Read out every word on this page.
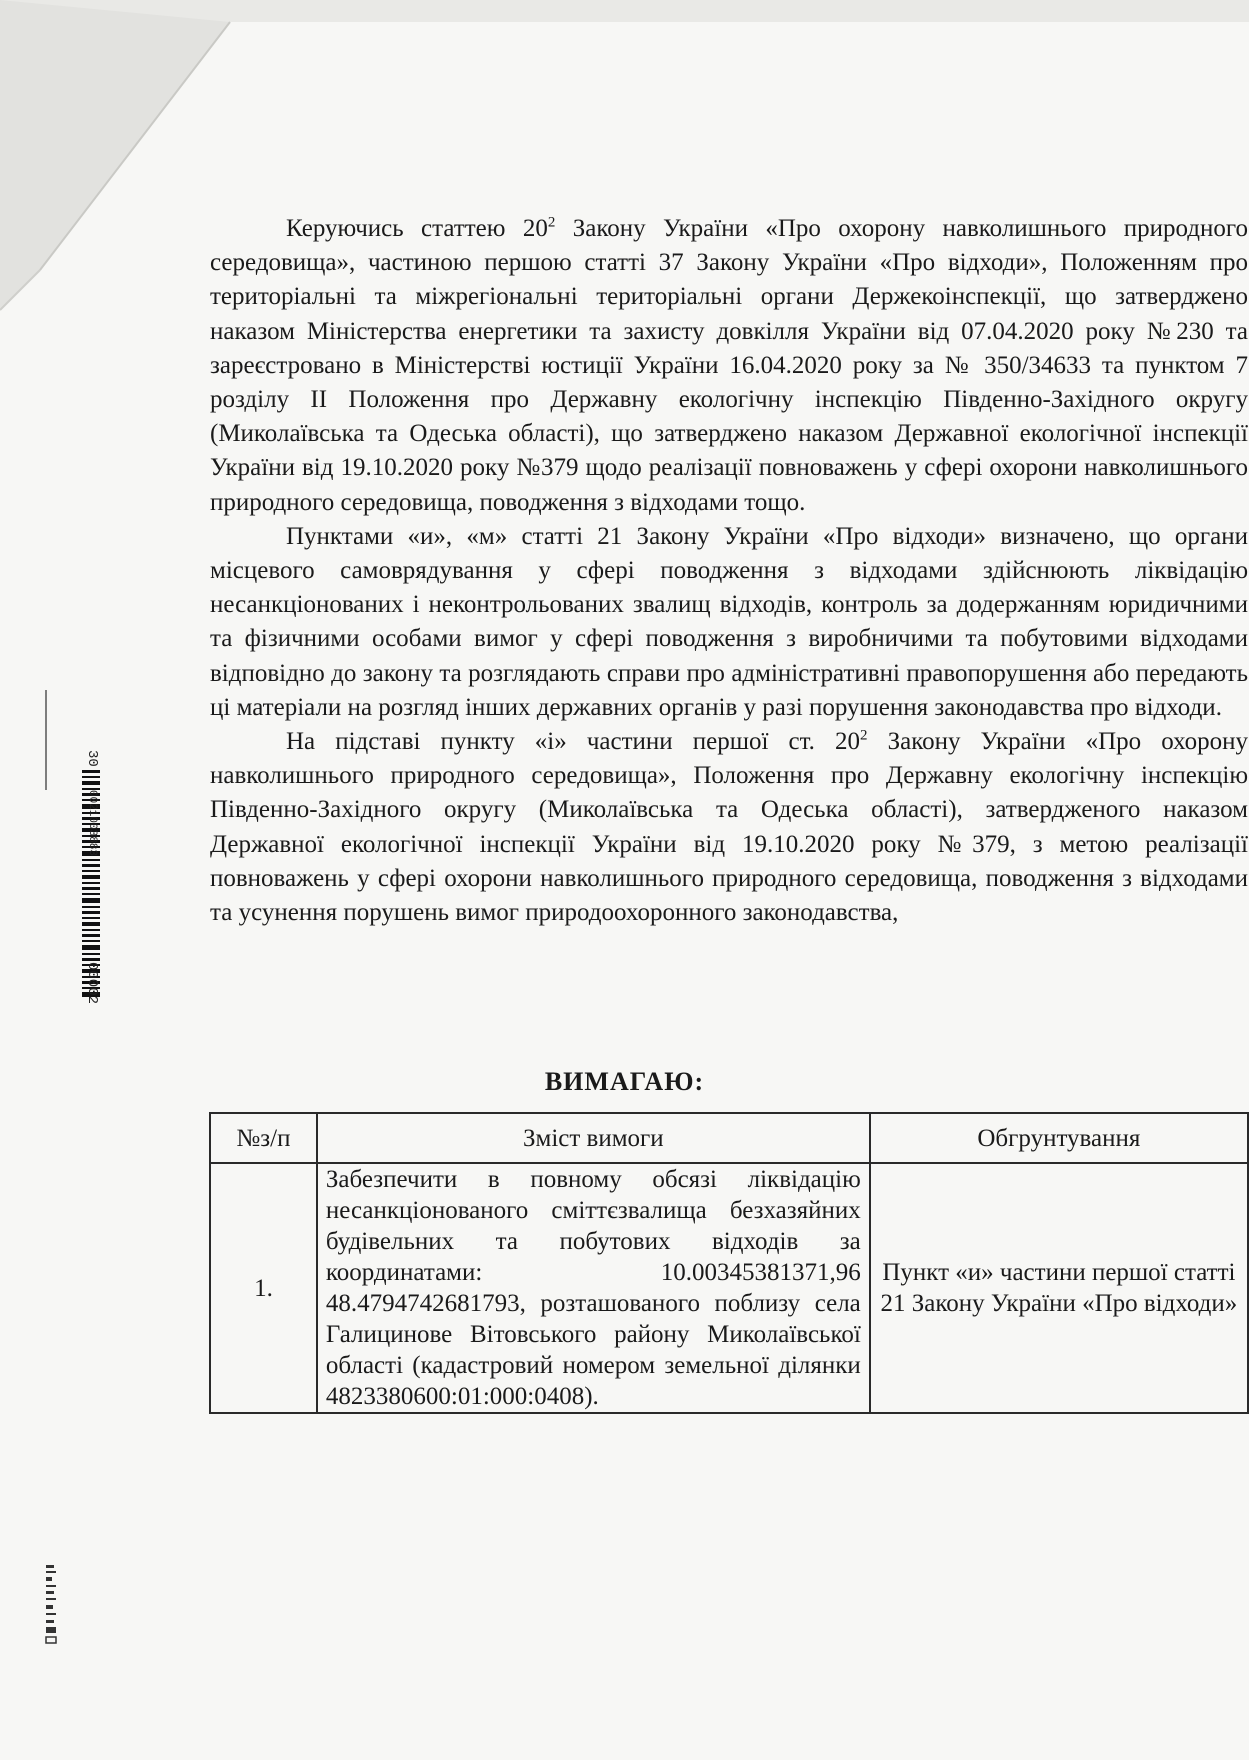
30
0021003883
00002

Керуючись статтею $20^2$ Закону України «Про охорону навколишнього природного середовища», частиною першою статті 37 Закону України «Про відходи», Положенням про територіальні та міжрегіональні територіальні органи Держекоінспекції, що затверджено наказом Міністерства енергетики та захисту довкілля України від 07.04.2020 року №230 та зареєстровано в Міністерстві юстиції України 16.04.2020 року за № 350/34633 та пунктом 7 розділу II Положення про Державну екологічну інспекцію Південно-Західного округу (Миколаївська та Одеська області), що затверджено наказом Державної екологічної інспекції України від 19.10.2020 року №379 щодо реалізації повноважень у сфері охорони навколишнього природного середовища, поводження з відходами тощо.

Пунктами «и», «м» статті 21 Закону України «Про відходи» визначено, що органи місцевого самоврядування у сфері поводження з відходами здійснюють ліквідацію несанкціонованих і неконтрольованих звалищ відходів, контроль за додержанням юридичними та фізичними особами вимог у сфері поводження з виробничими та побутовими відходами відповідно до закону та розглядають справи про адміністративні правопорушення або передають ці матеріали на розгляд інших державних органів у разі порушення законодавства про відходи.

На підставі пункту «і» частини першої ст. $20^2$ Закону України «Про охорону навколишнього природного середовища», Положення про Державну екологічну інспекцію Південно-Західного округу (Миколаївська та Одеська області), затвердженого наказом Державної екологічної інспекції України від 19.10.2020 року №379, з метою реалізації повноважень у сфері охорони навколишнього природного середовища, поводження з відходами та усунення порушень вимог природоохоронного законодавства,

ВИМАГАЮ:
№з/п	Зміст вимоги	Обгрунтування
1.	Забезпечити в повному обсязі ліквідацію несанкціонованого сміттєзвалища безхазяйних будівельних та побутових відходів за координатами: 10.00345381371,96 48.4794742681793, розташованого поблизу села Галицинове Вітовського району Миколаївської області (кадастровий номером земельної ділянки 4823380600:01:000:0408).	Пункт «и» частини першої статті 21 Закону України «Про відходи»
